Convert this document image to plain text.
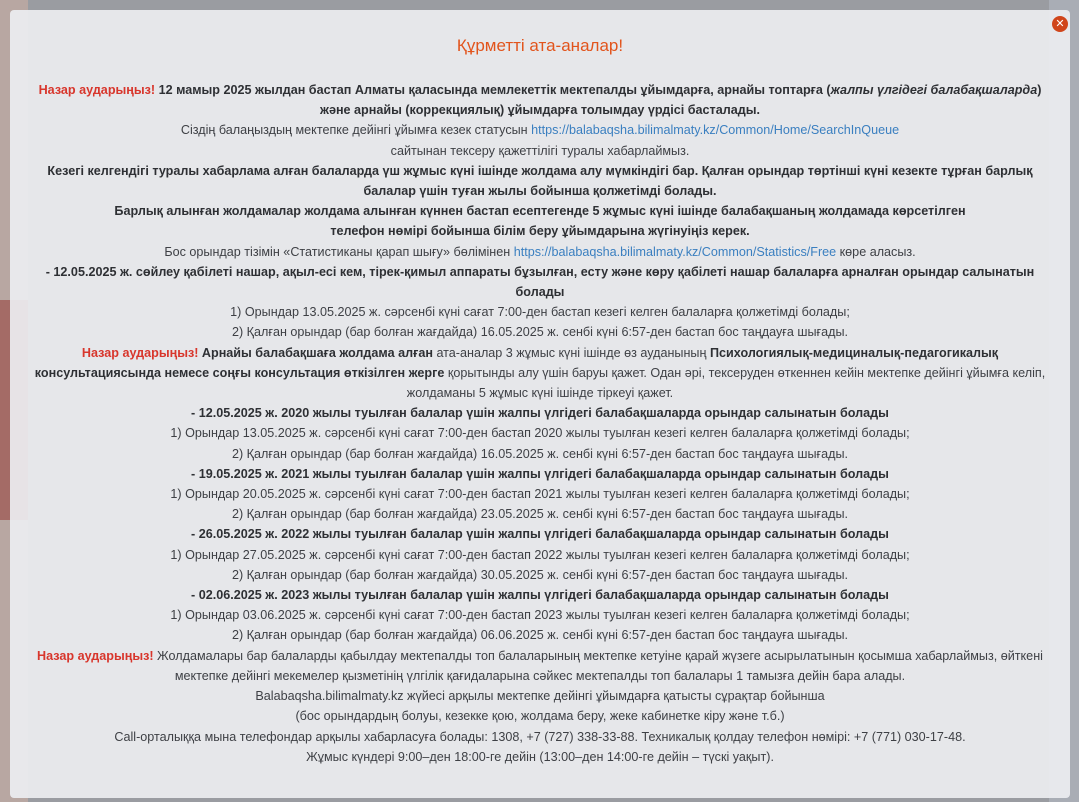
✕
Құрметті ата-аналар!

Назар аударыңыз! 12 мамыр 2025 жылдан бастап Алматы қаласында мемлекеттік мектепалды ұйымдарға, арнайы топтарға (жалпы үлгідегі балабақшаларда) және арнайы (коррекциялық) ұйымдарға толымдау үрдісі басталады.

Сіздің балаңыздың мектепке дейінгі ұйымға кезек статусын https://balabaqsha.bilimalmaty.kz/Common/Home/SearchInQueue
сайтынан тексеру қажеттілігі туралы хабарлаймыз.

Кезегі келгендігі туралы хабарлама алған балаларда үш жұмыс күні ішінде жолдама алу мүмкіндігі бар. Қалған орындар төртінші күні кезекте тұрған барлық балалар үшін туған жылы бойынша қолжетімді болады.

Барлық алынған жолдамалар жолдама алынған күннен бастап есептегенде 5 жұмыс күні ішінде балабақшаның жолдамада көрсетілген телефон нөмірі бойынша білім беру ұйымдарына жүгінуіңіз керек.

Бос орындар тізімін «Статистиканы қарап шығу» бөлімінен https://balabaqsha.bilimalmaty.kz/Common/Statistics/Free көре аласыз.

- 12.05.2025 ж. сөйлеу қабілеті нашар, ақыл-есі кем, тірек-қимыл аппараты бұзылған, есту және көру қабілеті нашар балаларға арналған орындар салынатын болады

1) Орындар 13.05.2025 ж. сәрсенбі күні сағат 7:00-ден бастап кезегі келген балаларға қолжетімді болады;

2) Қалған орындар (бар болған жағдайда) 16.05.2025 ж. сенбі күні 6:57-ден бастап бос таңдауға шығады.

Назар аударыңыз! Арнайы балабақшаға жолдама алған ата-аналар 3 жұмыс күні ішінде өз ауданының Психологиялық-медициналық-педагогикалық консультациясында немесе соңғы консультация өткізілген жерге қорытынды алу үшін баруы қажет. Одан әрі, тексеруден өткеннен кейін мектепке дейінгі ұйымға келіп, жолдаманы 5 жұмыс күні ішінде тіркеуі қажет.

- 12.05.2025 ж. 2020 жылы туылған балалар үшін жалпы үлгідегі балабақшаларда орындар салынатын болады

1) Орындар 13.05.2025 ж. сәрсенбі күні сағат 7:00-ден бастап 2020 жылы туылған кезегі келген балаларға қолжетімді болады;

2) Қалған орындар (бар болған жағдайда) 16.05.2025 ж. сенбі күні 6:57-ден бастап бос таңдауға шығады.

- 19.05.2025 ж. 2021 жылы туылған балалар үшін жалпы үлгідегі балабақшаларда орындар салынатын болады

1) Орындар 20.05.2025 ж. сәрсенбі күні сағат 7:00-ден бастап 2021 жылы туылған кезегі келген балаларға қолжетімді болады;

2) Қалған орындар (бар болған жағдайда) 23.05.2025 ж. сенбі күні 6:57-ден бастап бос таңдауға шығады.

- 26.05.2025 ж. 2022 жылы туылған балалар үшін жалпы үлгідегі балабақшаларда орындар салынатын болады

1) Орындар 27.05.2025 ж. сәрсенбі күні сағат 7:00-ден бастап 2022 жылы туылған кезегі келген балаларға қолжетімді болады;

2) Қалған орындар (бар болған жағдайда) 30.05.2025 ж. сенбі күні 6:57-ден бастап бос таңдауға шығады.

- 02.06.2025 ж. 2023 жылы туылған балалар үшін жалпы үлгідегі балабақшаларда орындар салынатын болады

1) Орындар 03.06.2025 ж. сәрсенбі күні сағат 7:00-ден бастап 2023 жылы туылған кезегі келген балаларға қолжетімді болады;

2) Қалған орындар (бар болған жағдайда) 06.06.2025 ж. сенбі күні 6:57-ден бастап бос таңдауға шығады.

Назар аударыңыз! Жолдамалары бар балаларды қабылдау мектепалды топ балаларының мектепке кетуіне қарай жүзеге асырылатынын қосымша хабарлаймыз, өйткені мектепке дейінгі мекемелер қызметінің үлгілік қағидаларына сәйкес мектепалды топ балалары 1 тамызға дейін бара алады.

Balabaqsha.bilimalmaty.kz жүйесі арқылы мектепке дейінгі ұйымдарға қатысты сұрақтар бойынша (бос орындардың болуы, кезекке қою, жолдама беру, жеке кабинетке кіру және т.б.)

Call-орталыққа мына телефондар арқылы хабарласуға болады: 1308, +7 (727) 338-33-88. Техникалық қолдау телефон нөмірі: +7 (771) 030-17-48.

Жұмыс күндері 9:00–ден 18:00-ге дейін (13:00–ден 14:00-ге дейін – түскі уақыт).
